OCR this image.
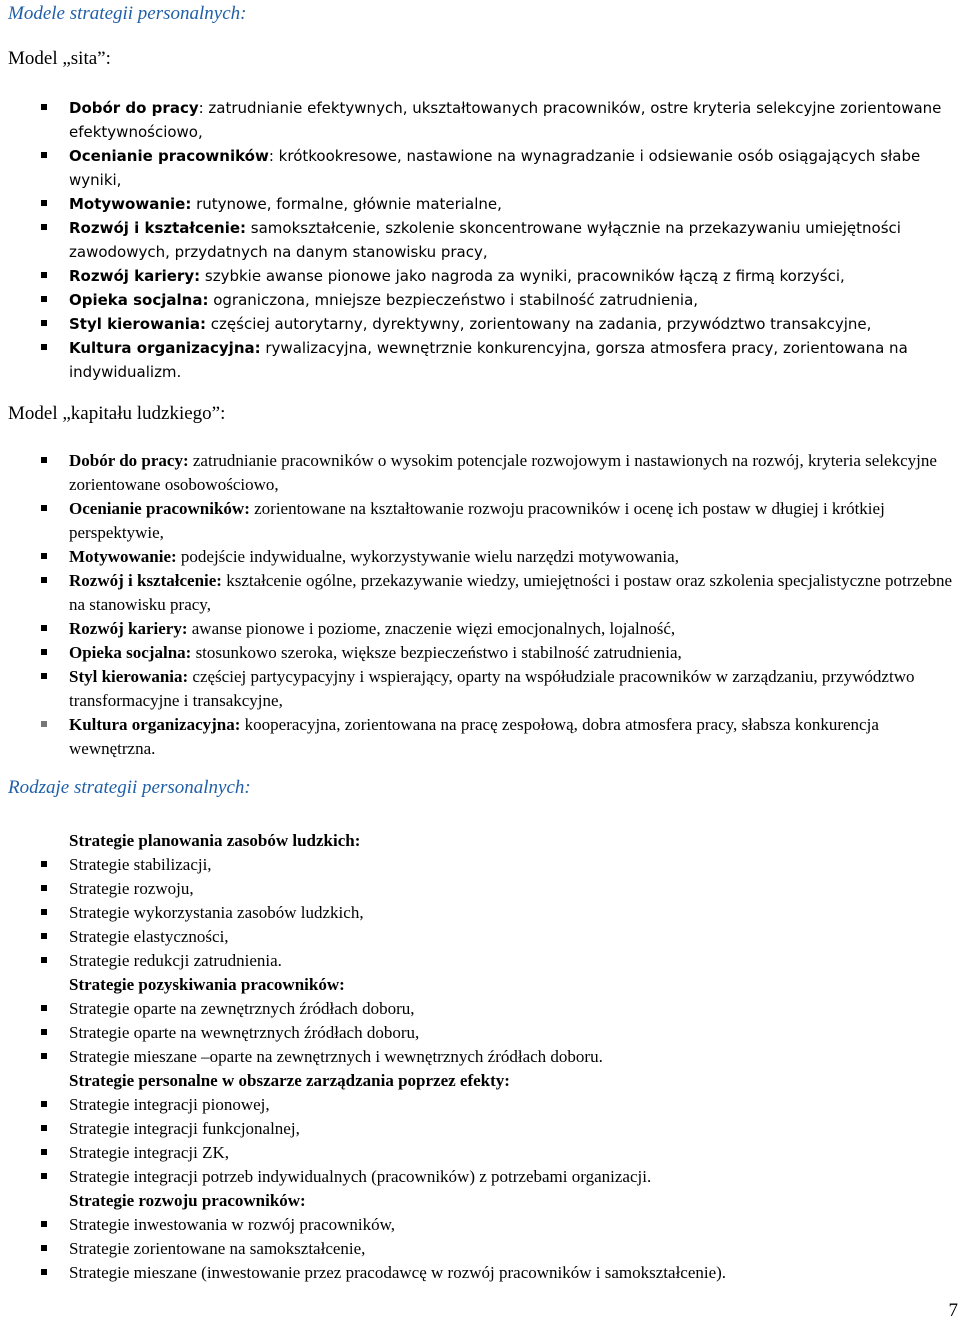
Modele strategii personalnych:
Model „sita”:
Dobór do pracy: zatrudnianie efektywnych, ukształtowanych pracowników, ostre kryteria selekcyjne zorientowane efektywnościowo,
Ocenianie pracowników: krótkookresowe, nastawione na wynagradzanie i odsiewanie osób osiągających słabe wyniki,
Motywowanie: rutynowe, formalne, głównie materialne,
Rozwój i kształcenie: samokształcenie, szkolenie skoncentrowane wyłącznie na przekazywaniu umiejętności zawodowych, przydatnych na danym stanowisku pracy,
Rozwój kariery: szybkie awanse pionowe jako nagroda za wyniki, pracowników łączą z firmą korzyści,
Opieka socjalna: ograniczona, mniejsze bezpieczeństwo i stabilność zatrudnienia,
Styl kierowania: częściej autorytarny, dyrektywny, zorientowany na zadania, przywództwo transakcyjne,
Kultura organizacyjna: rywalizacyjna, wewnętrznie konkurencyjna, gorsza atmosfera pracy, zorientowana na indywidualizm.
Model „kapitału ludzkiego”:
Dobór do pracy: zatrudnianie pracowników o wysokim potencjale rozwojowym i nastawionych na rozwój, kryteria selekcyjne zorientowane osobowościowo,
Ocenianie pracowników: zorientowane na kształtowanie rozwoju pracowników i ocenę ich postaw w długiej i krótkiej perspektywie,
Motywowanie: podejście indywidualne, wykorzystywanie wielu narzędzi motywowania,
Rozwój i kształcenie: kształcenie ogólne, przekazywanie wiedzy, umiejętności i postaw oraz szkolenia specjalistyczne potrzebne na stanowisku pracy,
Rozwój kariery: awanse pionowe i poziome, znaczenie więzi emocjonalnych, lojalność,
Opieka socjalna: stosunkowo szeroka, większe bezpieczeństwo i stabilność zatrudnienia,
Styl kierowania: częściej partycypacyjny i wspierający, oparty na współudziale pracowników w zarządzaniu, przywództwo transformacyjne i transakcyjne,
Kultura organizacyjna: kooperacyjna, zorientowana na pracę zespołową, dobra atmosfera pracy, słabsza konkurencja wewnętrzna.
Rodzaje strategii personalnych:
Strategie planowania zasobów ludzkich:
Strategie stabilizacji,
Strategie rozwoju,
Strategie wykorzystania zasobów ludzkich,
Strategie elastyczności,
Strategie redukcji zatrudnienia.
Strategie pozyskiwania pracowników:
Strategie oparte na zewnętrznych źródłach doboru,
Strategie oparte na wewnętrznych źródłach doboru,
Strategie mieszane –oparte na zewnętrznych i wewnętrznych źródłach doboru.
Strategie personalne w obszarze zarządzania poprzez efekty:
Strategie integracji pionowej,
Strategie integracji funkcjonalnej,
Strategie integracji ZK,
Strategie integracji potrzeb indywidualnych (pracowników) z potrzebami organizacji.
Strategie rozwoju pracowników:
Strategie inwestowania w rozwój pracowników,
Strategie zorientowane na samokształcenie,
Strategie mieszane (inwestowanie przez pracodawcę w rozwój pracowników i samokształcenie).

7
